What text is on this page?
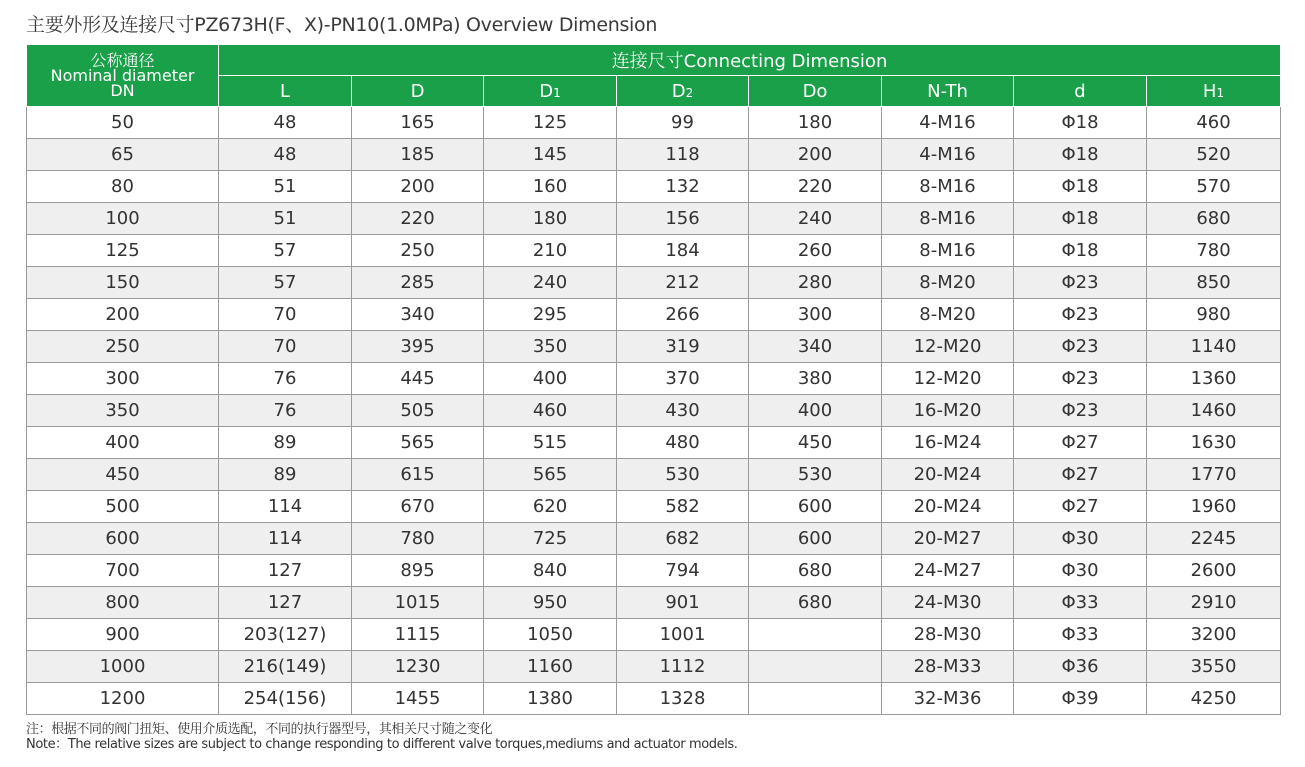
主要外形及连接尺寸PZ673H(F、X)-PN10(1.0MPa) Overview Dimension
公称通径
Nominal diameter
DN	连接尺寸Connecting Dimension							
	L	D	D1	D2	Do	N-Th	d	H1
50	48	165	125	99	180	4-M16	Φ18	460
65	48	185	145	118	200	4-M16	Φ18	520
80	51	200	160	132	220	8-M16	Φ18	570
100	51	220	180	156	240	8-M16	Φ18	680
125	57	250	210	184	260	8-M16	Φ18	780
150	57	285	240	212	280	8-M20	Φ23	850
200	70	340	295	266	300	8-M20	Φ23	980
250	70	395	350	319	340	12-M20	Φ23	1140
300	76	445	400	370	380	12-M20	Φ23	1360
350	76	505	460	430	400	16-M20	Φ23	1460
400	89	565	515	480	450	16-M24	Φ27	1630
450	89	615	565	530	530	20-M24	Φ27	1770
500	114	670	620	582	600	20-M24	Φ27	1960
600	114	780	725	682	600	20-M27	Φ30	2245
700	127	895	840	794	680	24-M27	Φ30	2600
800	127	1015	950	901	680	24-M30	Φ33	2910
900	203(127)	1115	1050	1001		28-M30	Φ33	3200
1000	216(149)	1230	1160	1112		28-M33	Φ36	3550
1200	254(156)	1455	1380	1328		32-M36	Φ39	4250
注：根据不同的阀门扭矩、使用介质选配，不同的执行器型号，其相关尺寸随之变化
Note：The relative sizes are subject to change responding to different valve torques,mediums and actuator models.
